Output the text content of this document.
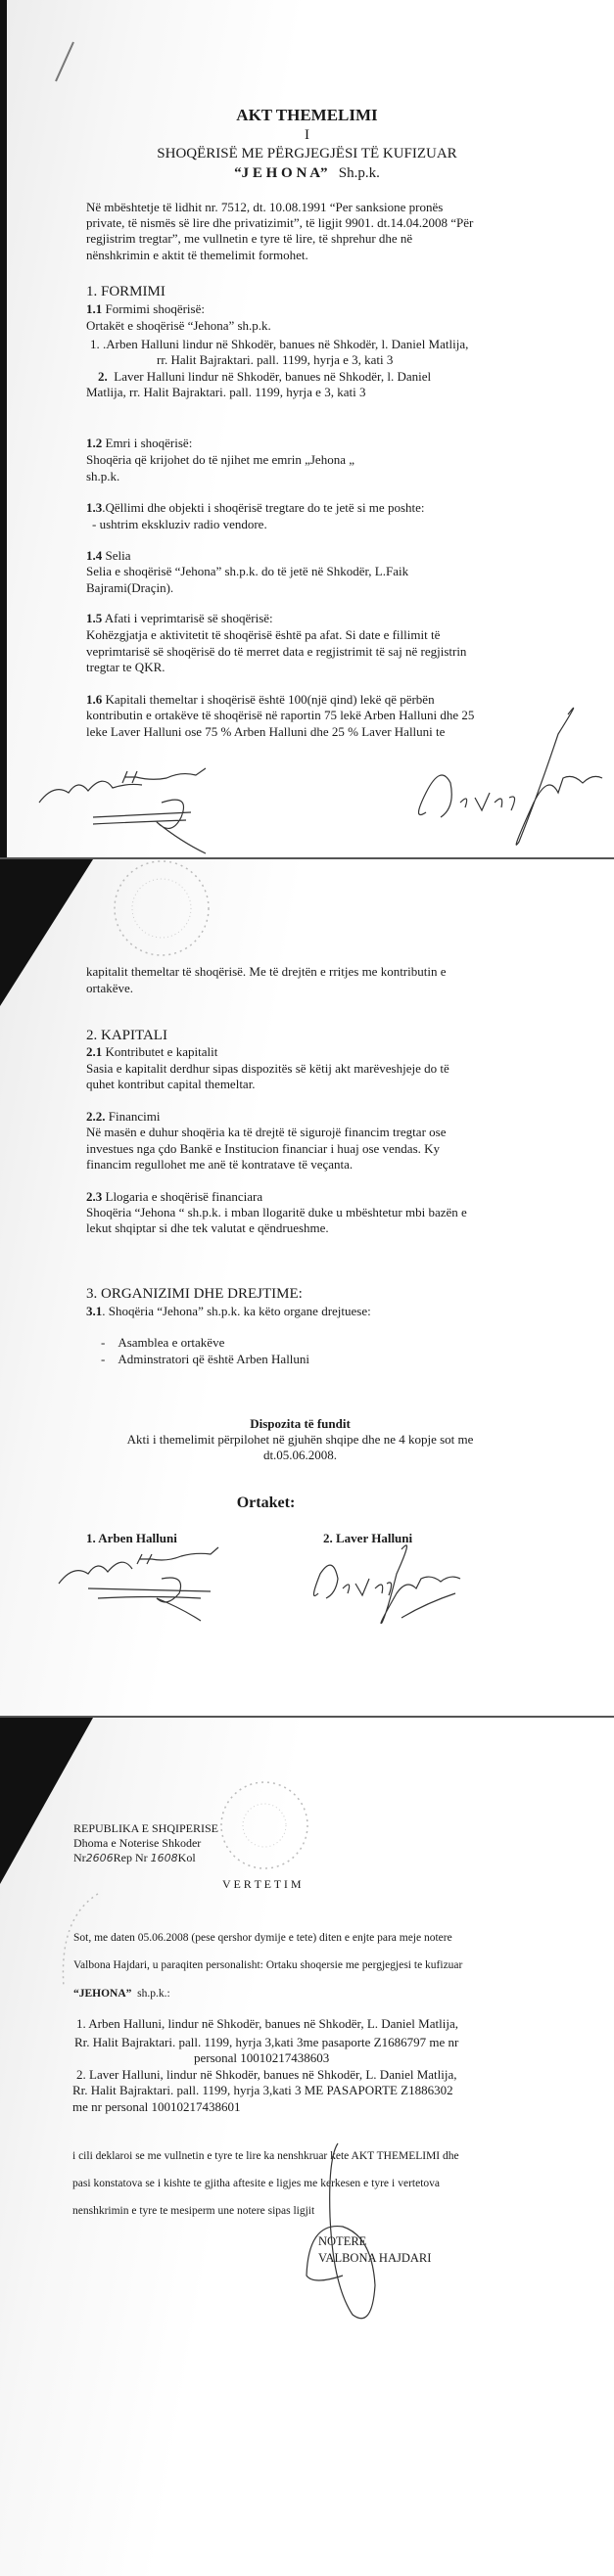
AKT THEMELIMI
I
SHOQËRISË ME PËRGJEGJËSI TË KUFIZUAR
“J E H O N A” Sh.p.k.
Në mbështetje të lidhit nr. 7512, dt. 10.08.1991 “Per sanksione pronës
private, të nismës së lire dhe privatizimit”, të ligjit 9901. dt.14.04.2008 “Për
regjistrim tregtar”, me vullnetin e tyre të lire, të shprehur dhe në
nënshkrimin e aktit të themelimit formohet.
1. FORMIMI
1.1 Formimi shoqërisë:
Ortakët e shoqërisë “Jehona” sh.p.k.
1. .Arben Halluni lindur në Shkodër, banues në Shkodër, l. Daniel Matlija,
rr. Halit Bajraktari. pall. 1199, hyrja e 3, kati 3
2. Laver Halluni lindur në Shkodër, banues në Shkodër, l. Daniel
Matlija, rr. Halit Bajraktari. pall. 1199, hyrja e 3, kati 3
1.2 Emri i shoqërisë:
Shoqëria që krijohet do të njihet me emrin „Jehona „
sh.p.k.
1.3.Qëllimi dhe objekti i shoqërisë tregtare do te jetë si me poshte:
- ushtrim ekskluziv radio vendore.
1.4 Selia
Selia e shoqërisë “Jehona” sh.p.k. do të jetë në Shkodër, L.Faik
Bajrami(Draçin).
1.5 Afati i veprimtarisë së shoqërisë:
Kohëzgjatja e aktivitetit të shoqërisë është pa afat. Si date e fillimit të
veprimtarisë së shoqërisë do të merret data e regjistrimit të saj në regjistrin
tregtar te QKR.
1.6 Kapitali themeltar i shoqërisë është 100(një qind) lekë që përbën
kontributin e ortakëve të shoqërisë në raportin 75 lekë Arben Halluni dhe 25
leke Laver Halluni ose 75 % Arben Halluni dhe 25 % Laver Halluni te
kapitalit themeltar të shoqërisë. Me të drejtën e rritjes me kontributin e
ortakëve.
2. KAPITALI
2.1 Kontributet e kapitalit
Sasia e kapitalit derdhur sipas dispozitës së këtij akt marëveshjeje do të
quhet kontribut capital themeltar.
2.2. Financimi
Në masën e duhur shoqëria ka të drejtë të sigurojë financim tregtar ose
investues nga çdo Bankë e Institucion financiar i huaj ose vendas. Ky
financim regullohet me anë të kontratave të veçanta.
2.3 Llogaria e shoqërisë financiara
Shoqëria “Jehona “ sh.p.k. i mban llogaritë duke u mbështetur mbi bazën e
lekut shqiptar si dhe tek valutat e qëndrueshme.
3. ORGANIZIMI DHE DREJTIME:
3.1. Shoqëria “Jehona” sh.p.k. ka këto organe drejtuese:
- Asamblea e ortakëve
- Adminstratori që është Arben Halluni
Dispozita të fundit
Akti i themelimit përpilohet në gjuhën shqipe dhe ne 4 kopje sot me
dt.05.06.2008.
Ortaket:
1. Arben Halluni	2. Laver Halluni
REPUBLIKA E SHQIPERISE
Dhoma e Noterise Shkoder
Nr2606Rep Nr 1608Kol
V E R T E T I M
Sot, me daten 05.06.2008 (pese qershor dymije e tete) diten e enjte para meje notere
Valbona Hajdari, u paraqiten personalisht: Ortaku shoqersie me pergjegjesi te kufizuar
“JEHONA” sh.p.k.:
1. Arben Halluni, lindur në Shkodër, banues në Shkodër, L. Daniel Matlija,
Rr. Halit Bajraktari. pall. 1199, hyrja 3,kati 3me pasaporte Z1686797 me nr
personal 10010217438603
2. Laver Halluni, lindur në Shkodër, banues në Shkodër, L. Daniel Matlija,
Rr. Halit Bajraktari. pall. 1199, hyrja 3,kati 3 ME PASAPORTE Z1886302
me nr personal 10010217438601
i cili deklaroi se me vullnetin e tyre te lire ka nenshkruar kete AKT THEMELIMI dhe
pasi konstatova se i kishte te gjitha aftesite e ligjes me kerkesen e tyre i vertetova
nenshkrimin e tyre te mesiperm une notere sipas ligjit
NOTERE
VALBONA HAJDARI
